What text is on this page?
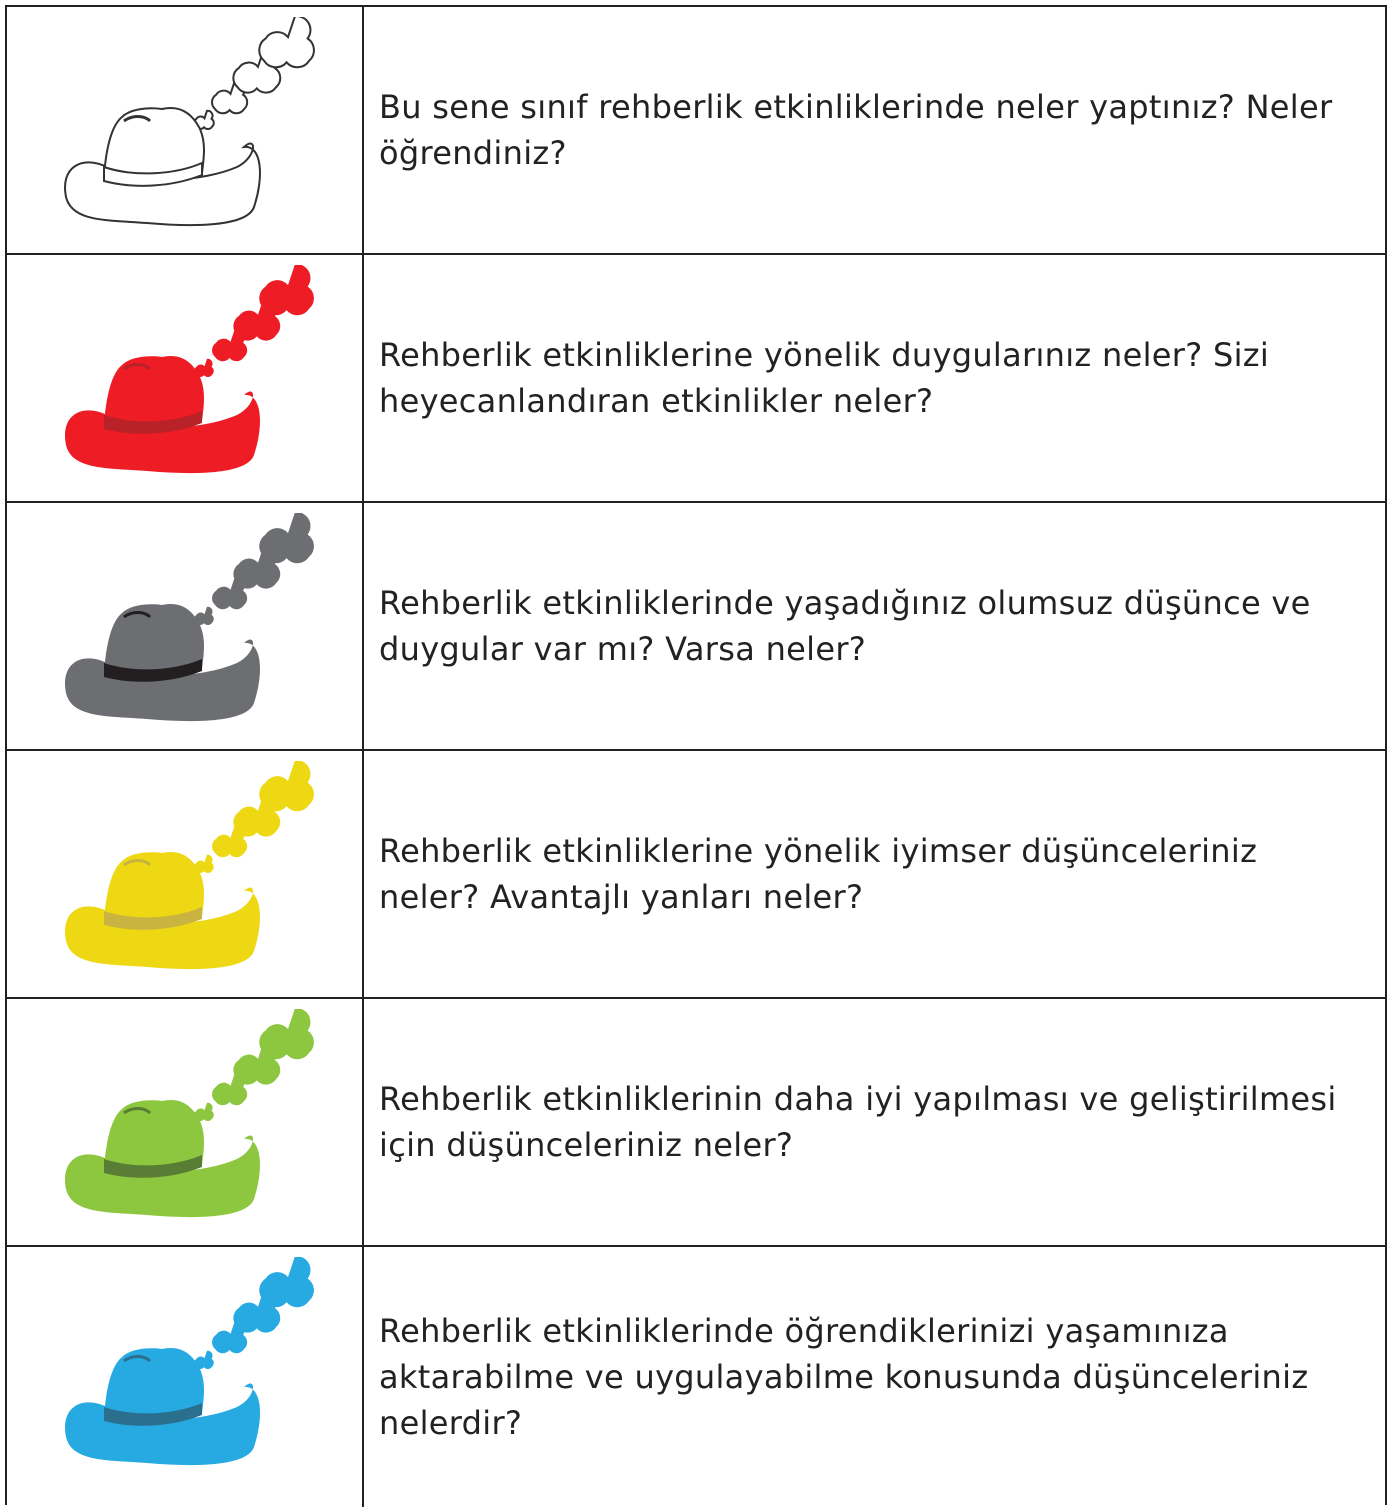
Bu sene sınıf rehberlik etkinliklerinde neler yaptınız? Neler öğrendiniz?
Rehberlik etkinliklerine yönelik duygularınız neler? Sizi heyecanlandıran etkinlikler neler?
Rehberlik etkinliklerinde yaşadığınız olumsuz düşünce ve duygular var mı? Varsa neler?
Rehberlik etkinliklerine yönelik iyimser düşünceleriniz neler? Avantajlı yanları neler?
Rehberlik etkinliklerinin daha iyi yapılması ve geliştirilmesi için düşünceleriniz neler?
Rehberlik etkinliklerinde öğrendiklerinizi yaşamınıza aktarabilme ve uygulayabilme konusunda düşünceleriniz nelerdir?
